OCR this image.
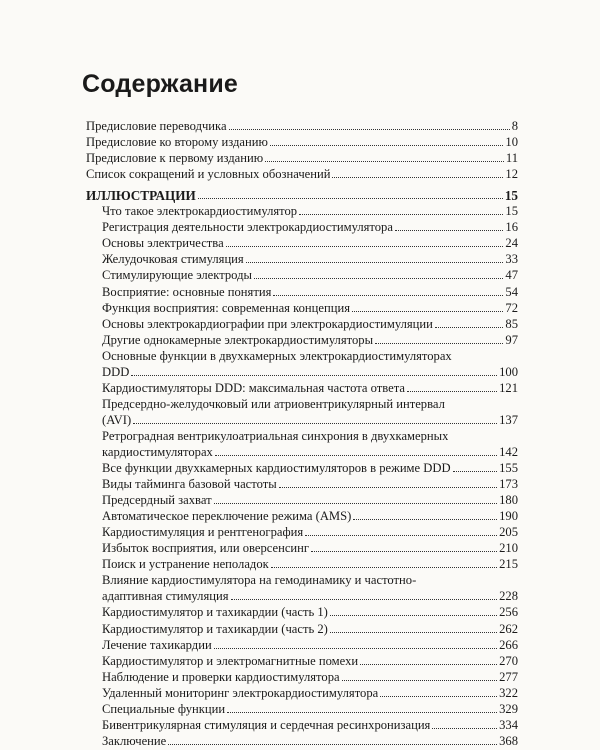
Содержание
Предисловие переводчика	8
Предисловие ко второму изданию	10
Предисловие к первому изданию	11
Список сокращений и условных обозначений	12
ИЛЛЮСТРАЦИИ	15
Что такое электрокардиостимулятор	15
Регистрация деятельности электрокардиостимулятора	16
Основы электричества	24
Желудочковая стимуляция	33
Стимулирующие электроды	47
Восприятие: основные понятия	54
Функция восприятия: современная концепция	72
Основы электрокардиографии при электрокардиостимуляции	85
Другие однокамерные электрокардиостимуляторы	97
Основные функции в двухкамерных электрокардиостимуляторах
DDD	100
Кардиостимуляторы DDD: максимальная частота ответа	121
Предсердно-желудочковый или атриовентрикулярный интервал
(AVI)	137
Ретроградная вентрикулоатриальная синхрония в двухкамерных
кардиостимуляторах	142
Все функции двухкамерных кардиостимуляторов в режиме DDD	155
Виды тайминга базовой частоты	173
Предсердный захват	180
Автоматическое переключение режима (AMS)	190
Кардиостимуляция и рентгенография	205
Избыток восприятия, или оверсенсинг	210
Поиск и устранение неполадок	215
Влияние кардиостимулятора на гемодинамику и частотно-
адаптивная стимуляция	228
Кардиостимулятор и тахикардии (часть 1)	256
Кардиостимулятор и тахикардии (часть 2)	262
Лечение тахикардии	266
Кардиостимулятор и электромагнитные помехи	270
Наблюдение и проверки кардиостимулятора	277
Удаленный мониторинг электрокардиостимулятора	322
Специальные функции	329
Бивентрикулярная стимуляция и сердечная ресинхронизация	334
Заключение	368
